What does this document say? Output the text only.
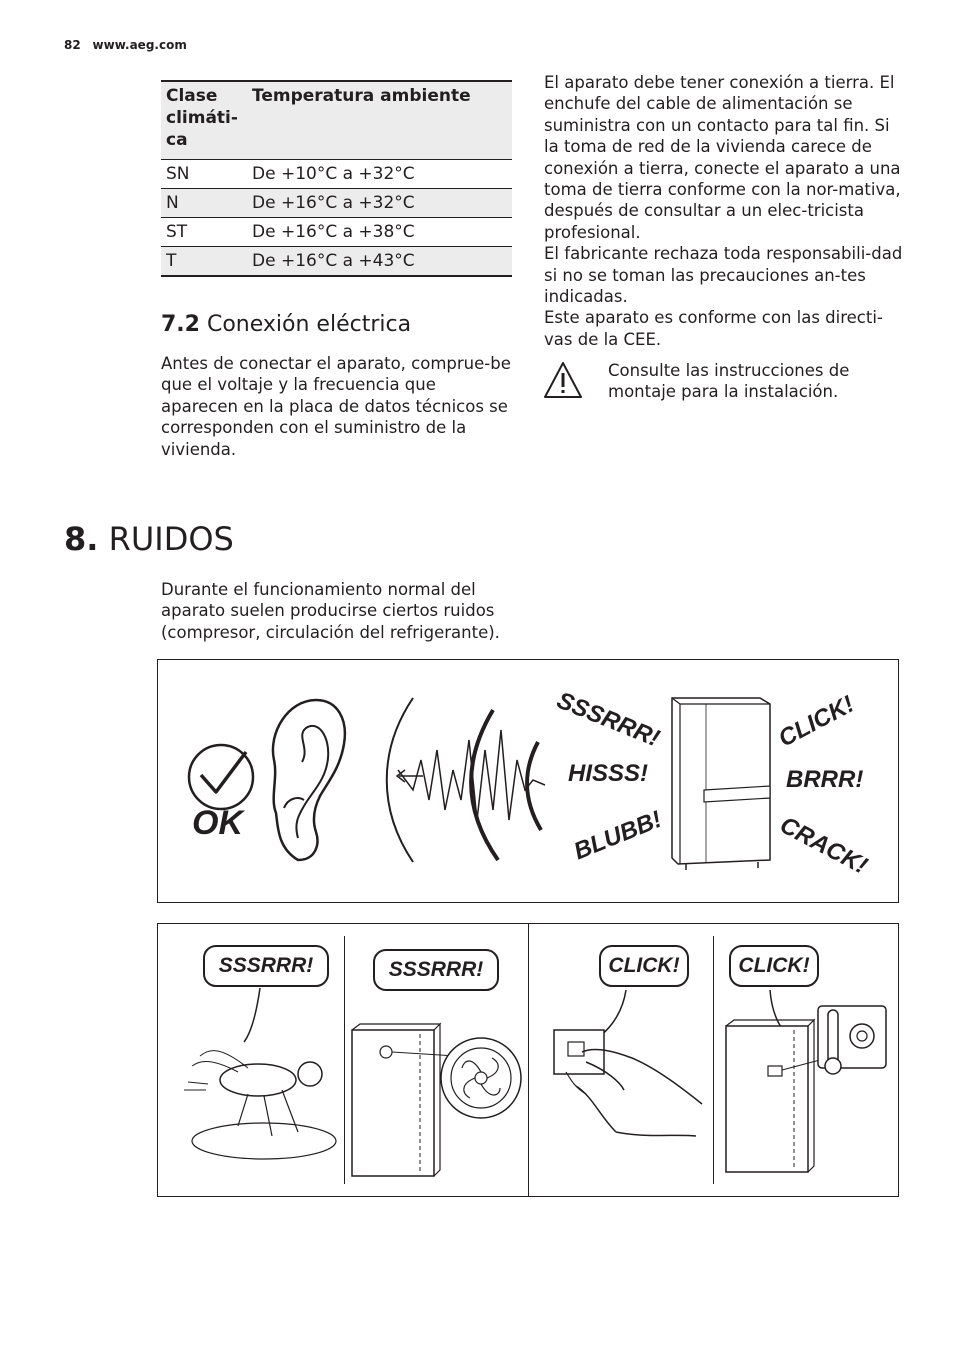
82 www.aeg.com
Clase
climáti-
ca	Temperatura ambiente
SN	De +10°C a +32°C
N	De +16°C a +32°C
ST	De +16°C a +38°C
T	De +16°C a +43°C
7.2 Conexión eléctrica
Antes de conectar el aparato, comprue-be que el voltaje y la frecuencia que aparecen en la placa de datos técnicos se corresponden con el suministro de la vivienda.
El aparato debe tener conexión a tierra. El enchufe del cable de alimentación se suministra con un contacto para tal fin. Si la toma de red de la vivienda carece de conexión a tierra, conecte el aparato a una toma de tierra conforme con la nor-mativa, después de consultar a un elec-tricista profesional.
El fabricante rechaza toda responsabili-dad si no se toman las precauciones an-tes indicadas.
Este aparato es conforme con las directi-vas de la CEE.
Consulte las instrucciones de montaje para la instalación.
8. RUIDOS
Durante el funcionamiento normal del aparato suelen producirse ciertos ruidos (compresor, circulación del refrigerante).
OK
SSSRRR!
HISSS!
BLUBB!
CLICK!
BRRR!
CRACK!
SSSRRR!	SSSRRR!	CLICK!	CLICK!
